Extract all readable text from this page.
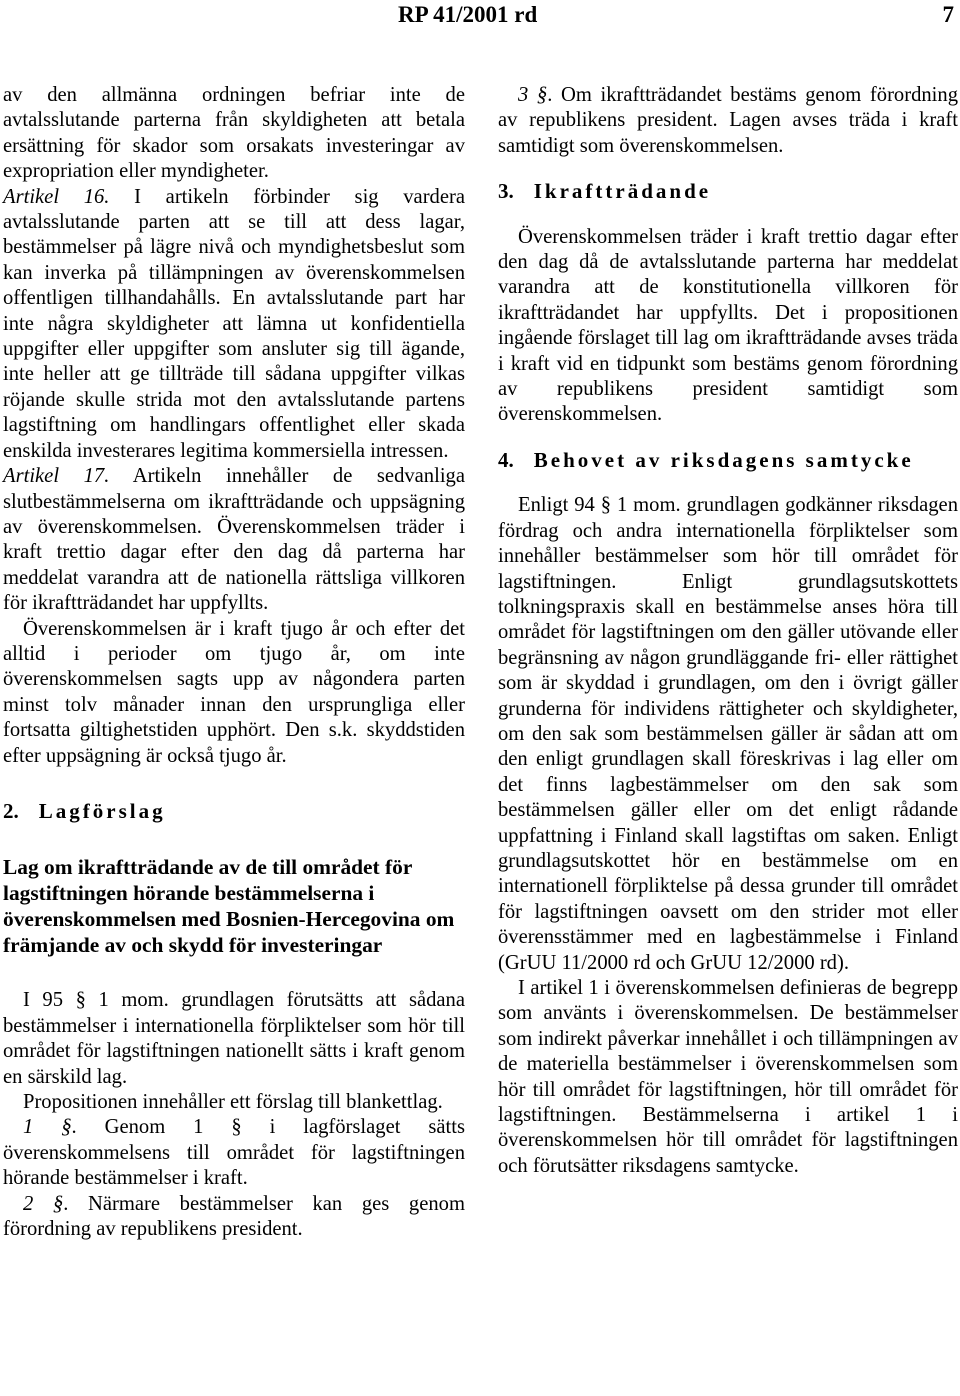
RP 41/2001 rd	7

av den allmänna ordningen befriar inte de avtalsslutande parterna från skyldigheten att betala ersättning för skador som orsakats investeringar av expropriation eller myndigheter.

Artikel 16. I artikeln förbinder sig vardera avtalsslutande parten att se till att dess lagar, bestämmelser på lägre nivå och myndighetsbeslut som kan inverka på tillämpningen av överenskommelsen offentligen tillhandahålls. En avtalsslutande part har inte några skyldigheter att lämna ut konfidentiella uppgifter eller uppgifter som ansluter sig till ägande, inte heller att ge tillträde till sådana uppgifter vilkas röjande skulle strida mot den avtalsslutande partens lagstiftning om handlingars offentlighet eller skada enskilda investerares legitima kommersiella intressen.

Artikel 17. Artikeln innehåller de sedvanliga slutbestämmelserna om ikraftträdande och uppsägning av överenskommelsen. Överenskommelsen träder i kraft trettio dagar efter den dag då parterna har meddelat varandra att de nationella rättsliga villkoren för ikraftträdandet har uppfyllts.

Överenskommelsen är i kraft tjugo år och efter det alltid i perioder om tjugo år, om inte överenskommelsen sagts upp av någondera parten minst tolv månader innan den ursprungliga eller fortsatta giltighetstiden upphört. Den s.k. skyddstiden efter uppsägning är också tjugo år.

2. Lagförslag

Lag om ikraftträdande av de till området för lagstiftningen hörande bestämmelserna i överenskommelsen med Bosnien-Hercegovina om främjande av och skydd för investeringar

I 95 § 1 mom. grundlagen förutsätts att sådana bestämmelser i internationella förpliktelser som hör till området för lagstiftningen nationellt sätts i kraft genom en särskild lag.

Propositionen innehåller ett förslag till blankettlag.

1 §. Genom 1 § i lagförslaget sätts överenskommelsens till området för lagstiftningen hörande bestämmelser i kraft.

2 §. Närmare bestämmelser kan ges genom förordning av republikens president.

3 §. Om ikraftträdandet bestäms genom förordning av republikens president. Lagen avses träda i kraft samtidigt som överenskommelsen.

3. Ikraftträdande

Överenskommelsen träder i kraft trettio dagar efter den dag då de avtalsslutande parterna har meddelat varandra att de konstitutionella villkoren för ikraftträdandet har uppfyllts. Det i propositionen ingående förslaget till lag om ikraftträdande avses träda i kraft vid en tidpunkt som bestäms genom förordning av republikens president samtidigt som överenskommelsen.

4. Behovet av riksdagens samtycke

Enligt 94 § 1 mom. grundlagen godkänner riksdagen fördrag och andra internationella förpliktelser som innehåller bestämmelser som hör till området för lagstiftningen. Enligt grundlagsutskottets tolkningspraxis skall en bestämmelse anses höra till området för lagstiftningen om den gäller utövande eller begränsning av någon grundläggande fri- eller rättighet som är skyddad i grundlagen, om den i övrigt gäller grunderna för individens rättigheter och skyldigheter, om den sak som bestämmelsen gäller är sådan att om den enligt grundlagen skall föreskrivas i lag eller om det finns lagbestämmelser om den sak som bestämmelsen gäller eller om det enligt rådande uppfattning i Finland skall lagstiftas om saken. Enligt grundlagsutskottet hör en bestämmelse om en internationell förpliktelse på dessa grunder till området för lagstiftningen oavsett om den strider mot eller överensstämmer med en lagbestämmelse i Finland (GrUU 11/2000 rd och GrUU 12/2000 rd).

I artikel 1 i överenskommelsen definieras de begrepp som använts i överenskommelsen. De bestämmelser som indirekt påverkar innehållet i och tillämpningen av de materiella bestämmelser i överenskommelsen som hör till området för lagstiftningen, hör till området för lagstiftningen. Bestämmelserna i artikel 1 i överenskommelsen hör till området för lagstiftningen och förutsätter riksdagens samtycke.
